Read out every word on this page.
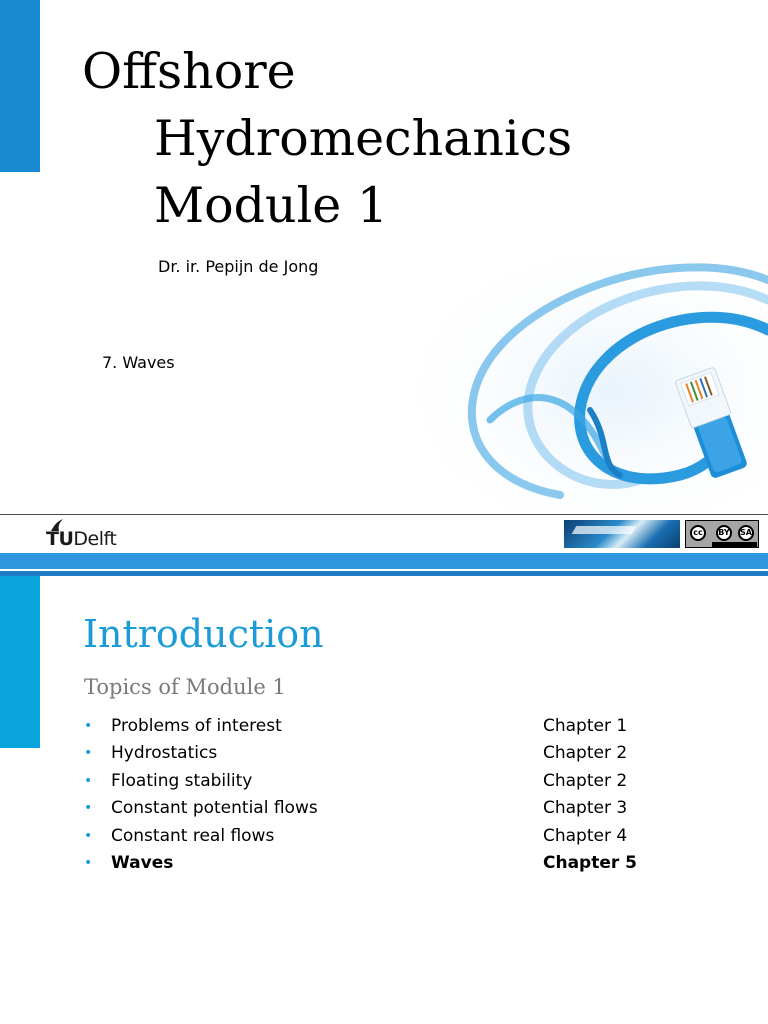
Offshore
Hydromechanics
Module 1
Dr. ir. Pepijn de Jong
7. Waves
TUDelft	cc	BY SA
Introduction
Topics of Module 1
• Problems of interest	Chapter 1
• Hydrostatics	Chapter 2
• Floating stability	Chapter 2
• Constant potential flows	Chapter 3
• Constant real flows	Chapter 4
• Waves	Chapter 5
